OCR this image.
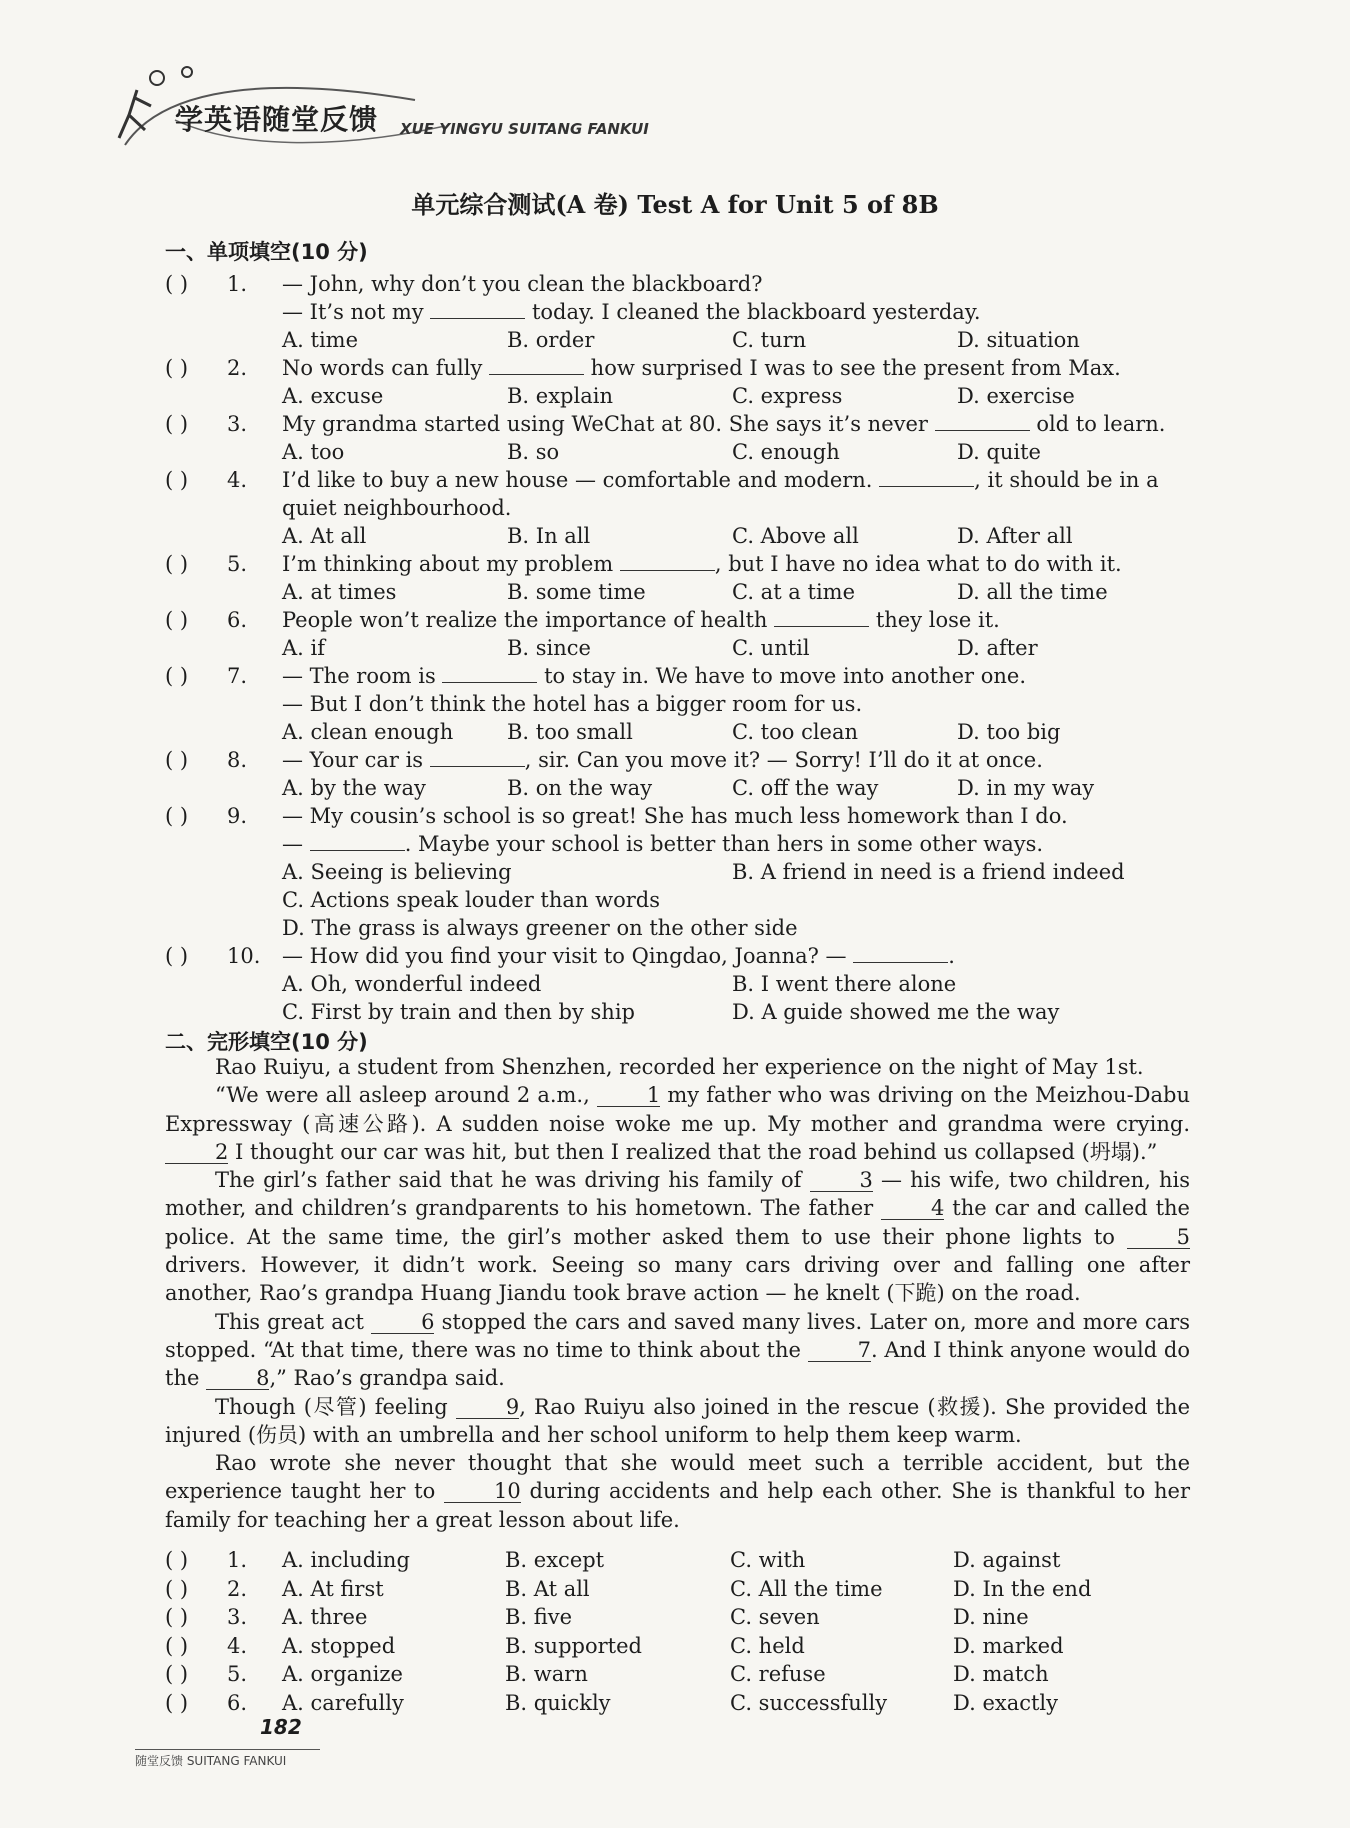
学英语随堂反馈 XUE YINGYU SUITANG FANKUI
单元综合测试(A 卷) Test A for Unit 5 of 8B
一、单项填空(10 分)
( ) 1. — John, why don’t you clean the blackboard?
— It’s not my	today. I cleaned the blackboard yesterday.
A. time	B. order	C. turn	D. situation
( ) 2. No words can fully	how surprised I was to see the present from Max.
A. excuse	B. explain	C. express	D. exercise
( ) 3. My grandma started using WeChat at 80. She says it’s never	old to learn.
A. too	B. so	C. enough	D. quite
( ) 4. I’d like to buy a new house — comfortable and modern.	, it should be in a
quiet neighbourhood.
A. At all	B. In all	C. Above all	D. After all
( ) 5. I’m thinking about my problem	, but I have no idea what to do with it.
A. at times	B. some time	C. at a time	D. all the time
( ) 6. People won’t realize the importance of health	they lose it.
A. if	B. since	C. until	D. after
( ) 7. — The room is	to stay in. We have to move into another one.
— But I don’t think the hotel has a bigger room for us.
A. clean enough	B. too small	C. too clean	D. too big
( ) 8. — Your car is	, sir. Can you move it? — Sorry! I’ll do it at once.
A. by the way	B. on the way	C. off the way	D. in my way
( ) 9. — My cousin’s school is so great! She has much less homework than I do.
—	. Maybe your school is better than hers in some other ways.
A. Seeing is believing	B. A friend in need is a friend indeed
C. Actions speak louder than words
D. The grass is always greener on the other side
( ) 10. — How did you find your visit to Qingdao, Joanna? —	.
A. Oh, wonderful indeed	B. I went there alone
C. First by train and then by ship	D. A guide showed me the way
二、完形填空(10 分)

Rao Ruiyu, a student from Shenzhen, recorded her experience on the night of May 1st.

“We were all asleep around 2 a.m., 1 my father who was driving on the Meizhou-Dabu Expressway (高速公路). A sudden noise woke me up. My mother and grandma were crying. 2 I thought our car was hit, but then I realized that the road behind us collapsed (坍塌).”

The girl’s father said that he was driving his family of 3 — his wife, two children, his mother, and children’s grandparents to his hometown. The father 4 the car and called the police. At the same time, the girl’s mother asked them to use their phone lights to 5 drivers. However, it didn’t work. Seeing so many cars driving over and falling one after another, Rao’s grandpa Huang Jiandu took brave action — he knelt (下跪) on the road.

This great act 6 stopped the cars and saved many lives. Later on, more and more cars stopped. “At that time, there was no time to think about the 7. And I think anyone would do the 8,” Rao’s grandpa said.

Though (尽管) feeling 9, Rao Ruiyu also joined in the rescue (救援). She provided the injured (伤员) with an umbrella and her school uniform to help them keep warm.

Rao wrote she never thought that she would meet such a terrible accident, but the experience taught her to 10 during accidents and help each other. She is thankful to her family for teaching her a great lesson about life.

( ) 1. A. including	B. except	C. with	D. against
( ) 2. A. At first	B. At all	C. All the time	D. In the end
( ) 3. A. three	B. five	C. seven	D. nine
( ) 4. A. stopped	B. supported	C. held	D. marked
( ) 5. A. organize	B. warn	C. refuse	D. match
( ) 6. A. carefully	B. quickly	C. successfully	D. exactly
182
随堂反馈 SUITANG FANKUI
